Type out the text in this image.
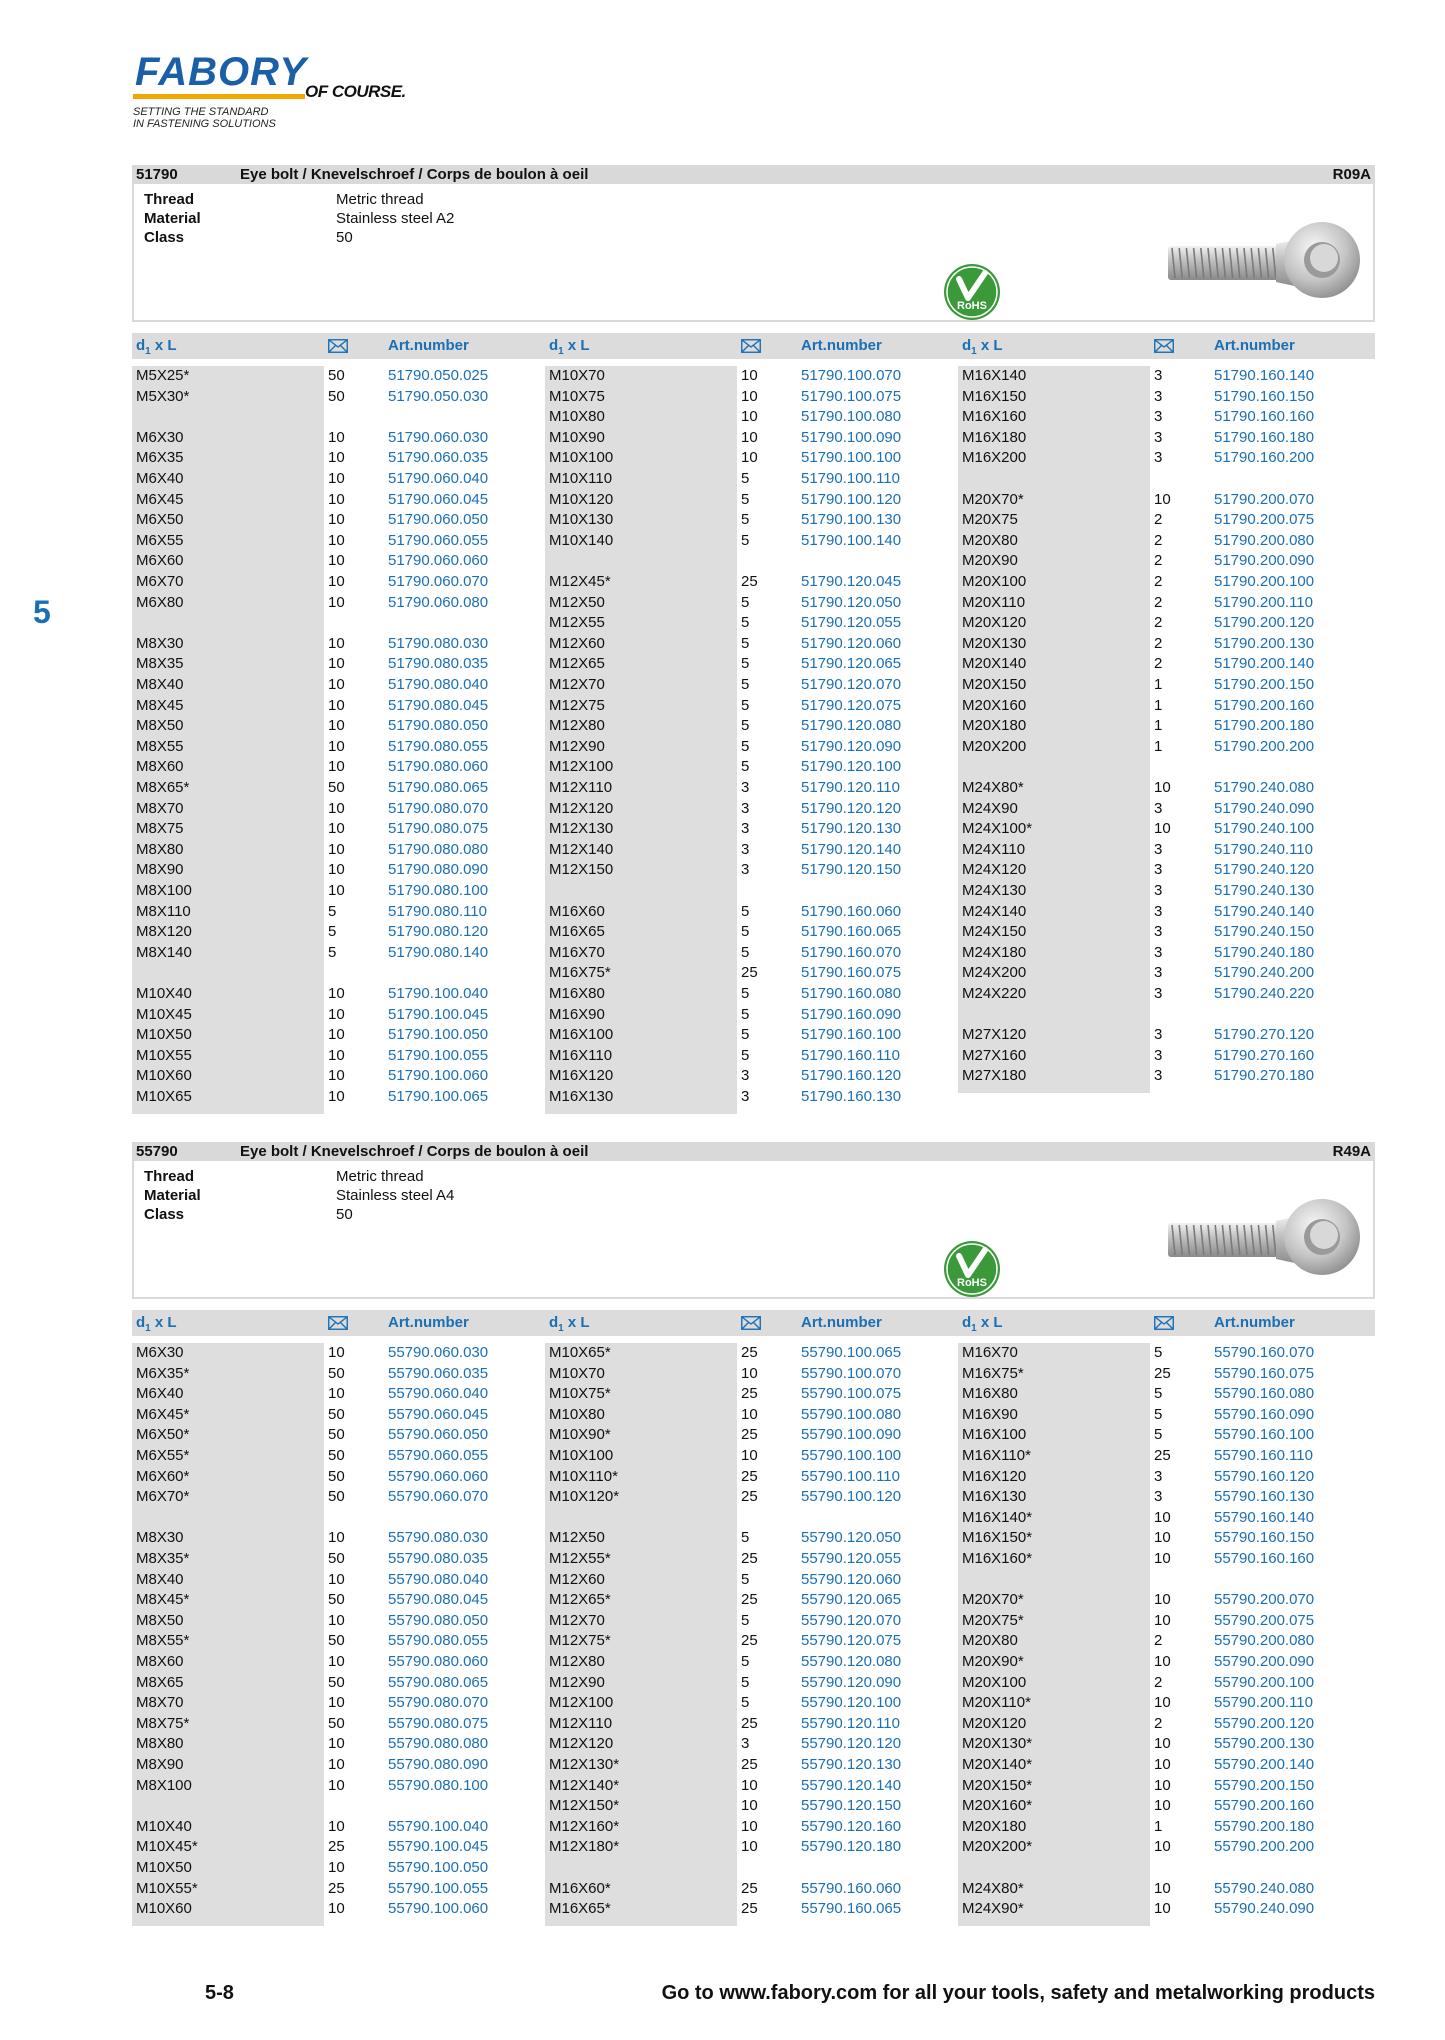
FABORY
OF COURSE.
SETTING THE STANDARD
IN FASTENING SOLUTIONS
5
51790	Eye bolt / Knevelschroef / Corps de boulon à oeil	R09A
Thread	Metric thread
Material	Stainless steel A2
Class	50
RoHS
$d_1$ x L	Art.number	$d_1$ x L	Art.number	$d_1$ x L	Art.number
M5X25*	50	51790.050.025
M5X30*	50	51790.050.030
M6X30	10	51790.060.030
M6X35	10	51790.060.035
M6X40	10	51790.060.040
M6X45	10	51790.060.045
M6X50	10	51790.060.050
M6X55	10	51790.060.055
M6X60	10	51790.060.060
M6X70	10	51790.060.070
M6X80	10	51790.060.080
M8X30	10	51790.080.030
M8X35	10	51790.080.035
M8X40	10	51790.080.040
M8X45	10	51790.080.045
M8X50	10	51790.080.050
M8X55	10	51790.080.055
M8X60	10	51790.080.060
M8X65*	50	51790.080.065
M8X70	10	51790.080.070
M8X75	10	51790.080.075
M8X80	10	51790.080.080
M8X90	10	51790.080.090
M8X100	10	51790.080.100
M8X110	5	51790.080.110
M8X120	5	51790.080.120
M8X140	5	51790.080.140
M10X40	10	51790.100.040
M10X45	10	51790.100.045
M10X50	10	51790.100.050
M10X55	10	51790.100.055
M10X60	10	51790.100.060
M10X65	10	51790.100.065
M10X70	10	51790.100.070
M10X75	10	51790.100.075
M10X80	10	51790.100.080
M10X90	10	51790.100.090
M10X100	10	51790.100.100
M10X110	5	51790.100.110
M10X120	5	51790.100.120
M10X130	5	51790.100.130
M10X140	5	51790.100.140
M12X45*	25	51790.120.045
M12X50	5	51790.120.050
M12X55	5	51790.120.055
M12X60	5	51790.120.060
M12X65	5	51790.120.065
M12X70	5	51790.120.070
M12X75	5	51790.120.075
M12X80	5	51790.120.080
M12X90	5	51790.120.090
M12X100	5	51790.120.100
M12X110	3	51790.120.110
M12X120	3	51790.120.120
M12X130	3	51790.120.130
M12X140	3	51790.120.140
M12X150	3	51790.120.150
M16X60	5	51790.160.060
M16X65	5	51790.160.065
M16X70	5	51790.160.070
M16X75*	25	51790.160.075
M16X80	5	51790.160.080
M16X90	5	51790.160.090
M16X100	5	51790.160.100
M16X110	5	51790.160.110
M16X120	3	51790.160.120
M16X130	3	51790.160.130
M16X140	3	51790.160.140
M16X150	3	51790.160.150
M16X160	3	51790.160.160
M16X180	3	51790.160.180
M16X200	3	51790.160.200
M20X70*	10	51790.200.070
M20X75	2	51790.200.075
M20X80	2	51790.200.080
M20X90	2	51790.200.090
M20X100	2	51790.200.100
M20X110	2	51790.200.110
M20X120	2	51790.200.120
M20X130	2	51790.200.130
M20X140	2	51790.200.140
M20X150	1	51790.200.150
M20X160	1	51790.200.160
M20X180	1	51790.200.180
M20X200	1	51790.200.200
M24X80*	10	51790.240.080
M24X90	3	51790.240.090
M24X100*	10	51790.240.100
M24X110	3	51790.240.110
M24X120	3	51790.240.120
M24X130	3	51790.240.130
M24X140	3	51790.240.140
M24X150	3	51790.240.150
M24X180	3	51790.240.180
M24X200	3	51790.240.200
M24X220	3	51790.240.220
M27X120	3	51790.270.120
M27X160	3	51790.270.160
M27X180	3	51790.270.180
55790	Eye bolt / Knevelschroef / Corps de boulon à oeil	R49A
Thread	Metric thread
Material	Stainless steel A4
Class	50
RoHS
$d_1$ x L	Art.number	$d_1$ x L	Art.number	$d_1$ x L	Art.number
M6X30	10	55790.060.030
M6X35*	50	55790.060.035
M6X40	10	55790.060.040
M6X45*	50	55790.060.045
M6X50*	50	55790.060.050
M6X55*	50	55790.060.055
M6X60*	50	55790.060.060
M6X70*	50	55790.060.070
M8X30	10	55790.080.030
M8X35*	50	55790.080.035
M8X40	10	55790.080.040
M8X45*	50	55790.080.045
M8X50	10	55790.080.050
M8X55*	50	55790.080.055
M8X60	10	55790.080.060
M8X65	50	55790.080.065
M8X70	10	55790.080.070
M8X75*	50	55790.080.075
M8X80	10	55790.080.080
M8X90	10	55790.080.090
M8X100	10	55790.080.100
M10X40	10	55790.100.040
M10X45*	25	55790.100.045
M10X50	10	55790.100.050
M10X55*	25	55790.100.055
M10X60	10	55790.100.060
M10X65*	25	55790.100.065
M10X70	10	55790.100.070
M10X75*	25	55790.100.075
M10X80	10	55790.100.080
M10X90*	25	55790.100.090
M10X100	10	55790.100.100
M10X110*	25	55790.100.110
M10X120*	25	55790.100.120
M12X50	5	55790.120.050
M12X55*	25	55790.120.055
M12X60	5	55790.120.060
M12X65*	25	55790.120.065
M12X70	5	55790.120.070
M12X75*	25	55790.120.075
M12X80	5	55790.120.080
M12X90	5	55790.120.090
M12X100	5	55790.120.100
M12X110	25	55790.120.110
M12X120	3	55790.120.120
M12X130*	25	55790.120.130
M12X140*	10	55790.120.140
M12X150*	10	55790.120.150
M12X160*	10	55790.120.160
M12X180*	10	55790.120.180
M16X60*	25	55790.160.060
M16X65*	25	55790.160.065
M16X70	5	55790.160.070
M16X75*	25	55790.160.075
M16X80	5	55790.160.080
M16X90	5	55790.160.090
M16X100	5	55790.160.100
M16X110*	25	55790.160.110
M16X120	3	55790.160.120
M16X130	3	55790.160.130
M16X140*	10	55790.160.140
M16X150*	10	55790.160.150
M16X160*	10	55790.160.160
M20X70*	10	55790.200.070
M20X75*	10	55790.200.075
M20X80	2	55790.200.080
M20X90*	10	55790.200.090
M20X100	2	55790.200.100
M20X110*	10	55790.200.110
M20X120	2	55790.200.120
M20X130*	10	55790.200.130
M20X140*	10	55790.200.140
M20X150*	10	55790.200.150
M20X160*	10	55790.200.160
M20X180	1	55790.200.180
M20X200*	10	55790.200.200
M24X80*	10	55790.240.080
M24X90*	10	55790.240.090
5-8	Go to www.fabory.com for all your tools, safety and metalworking products
